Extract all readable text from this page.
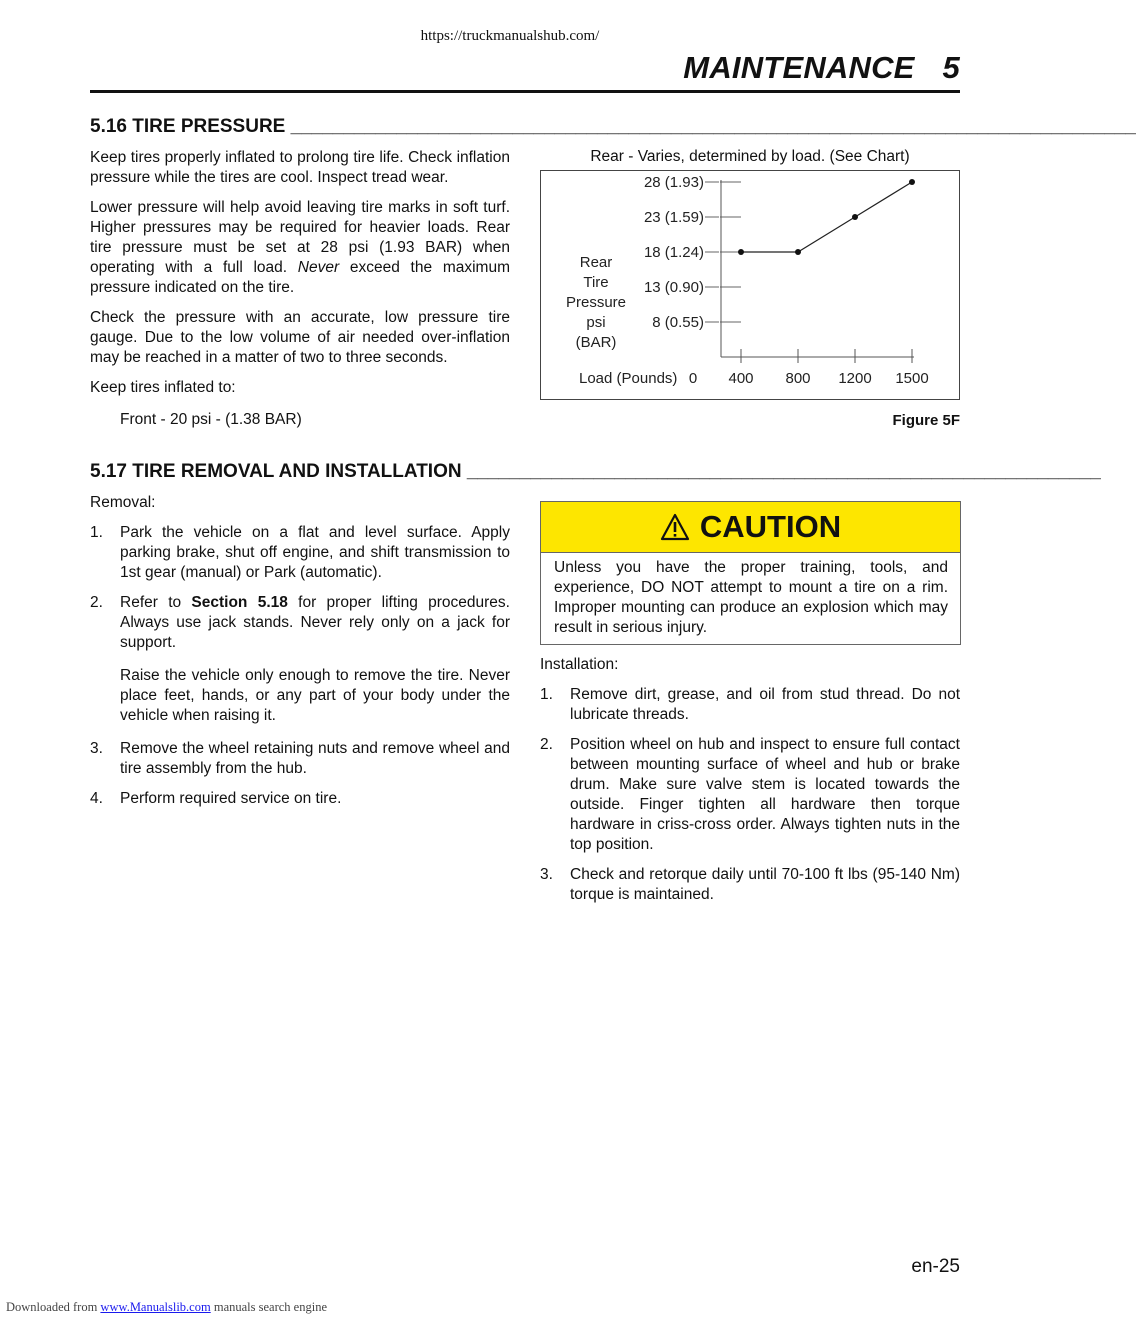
https://truckmanualshub.com/
MAINTENANCE 5
5.16 TIRE PRESSURE ________________________________________________________________________________

Keep tires properly inflated to prolong tire life. Check inflation pressure while the tires are cool. Inspect tread wear.

Lower pressure will help avoid leaving tire marks in soft turf. Higher pressures may be required for heavier loads. Rear tire pressure must be set at 28 psi (1.93 BAR) when operating with a full load. Never exceed the maximum pressure indicated on the tire.

Check the pressure with an accurate, low pressure tire gauge. Due to the low volume of air needed over-inflation may be reached in a matter of two to three seconds.

Keep tires inflated to:

Front - 20 psi - (1.38 BAR)

Rear - Varies, determined by load. (See Chart)
Rear
Tire
Pressure
psi
(BAR)
28 (1.93)
23 (1.59)
18 (1.24)
13 (0.90)
8 (0.55)
0 400 800 1200 1500
Load (Pounds)
Figure 5F
5.17 TIRE REMOVAL AND INSTALLATION ____________________________________________________________

Removal:

1.	Park the vehicle on a flat and level surface. Apply parking brake, shut off engine, and shift transmission to 1st gear (manual) or Park (automatic).
2.	Refer to Section 5.18 for proper lifting procedures. Always use jack stands. Never rely only on a jack for support.

Raise the vehicle only enough to remove the tire. Never place feet, hands, or any part of your body under the vehicle when raising it.

3.	Remove the wheel retaining nuts and remove wheel and tire assembly from the hub.
4.	Perform required service on tire.
CAUTION
Unless you have the proper training, tools, and experience, DO NOT attempt to mount a tire on a rim. Improper mounting can produce an explosion which may result in serious injury.

Installation:

1.	Remove dirt, grease, and oil from stud thread. Do not lubricate threads.
2.	Position wheel on hub and inspect to ensure full contact between mounting surface of wheel and hub or brake drum. Make sure valve stem is located towards the outside. Finger tighten all hardware then torque hardware in criss-cross order. Always tighten nuts in the top position.
3.	Check and retorque daily until 70-100 ft lbs (95-140 Nm) torque is maintained.
en-25
Downloaded from www.Manualslib.com manuals search engine
